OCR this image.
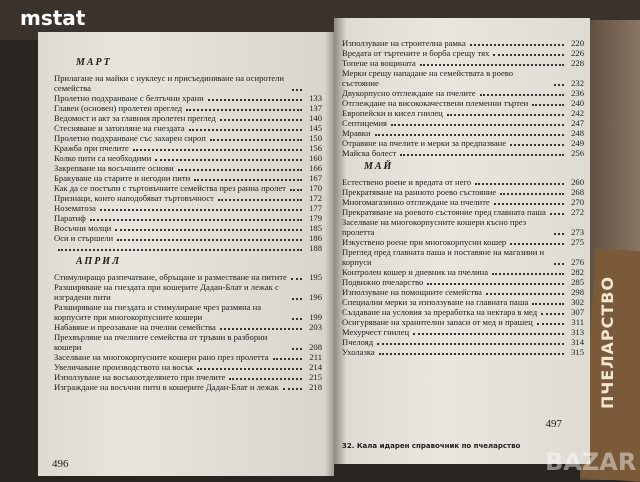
ПЧЕЛАРСТВО
МАРТ
Прилагане на майки с нуклеус и присъединяване на осиротели семейства
Пролетно подхранване с белтъчни храни	133
Главен (основен) пролетен преглед	137
Ведомост и акт за главния пролетен преглед	140
Стесняване и затопляне на гнездата	145
Пролетно подхранване със захарен сироп	150
Кражба при пчелите	156
Колко пити са необходими	160
Закрепване на восъчните основи	166
Бракуване на старите и негодни пити	167
Как да се постъпи с търтовъчните семейства през ранна пролет	170
Признаци, които наподобяват търтовъчност	172
Нозематоза	177
Паратиф	179
Восъчни молци	185
Оси и стършели	186
188
АПРИЛ
Стимулиращо разпечатване, обръщане и разместване на питите	195
Разширяване на гнездата при кошерите Дадан-Блат и лежак с изградени пити	196
Разширяване на гнездата и стимулиране чрез размяна на корпусите при многокорпусните кошери	199
Набавяне и преозаване на пчелни семейства	203
Прехвърляне на пчелните семейства от тръвни в разборни кошери	208
Заселване на многокорпусните кошери рано през пролетта	211
Увеличаване производството на восък	214
Използуване на восъкоотделянето при пчелите	215
Изграждане на восъчни пити в кошерите Дадан-Блат и лежак	218
496
Използуване на строителна рамка	220
Вредата от търтените и борба срещу тях	226
Топене на вощината	228
Мерки срещу нападане на семействата в роево състояние	232
Двукорпусно отглеждане на пчелите	236
Отглеждане на висококачествени племенни търтеи	240
Европейски и кисел гнилец	242
Септицемия	247
Мравки	248
Отравяне на пчелите и мерки за предпазване	249
Майска болест	256
МАЙ
Естествено роене и вредата от него	260
Прекратяване на ранното роево състояние	268
Многомагазинно отглеждане на пчелите	270
Прекратяване на роевото състояние пред главната паша	272
Заселване на многокорпусните кошери късно през пролетта	273
Изкуствено роене при многокорпусни кошер	275
Преглед пред главната паша и поставяне на магазини и корпуси	276
Контролен кошер и дневник на пчелина	282
Подвижно пчеларство	285
Използуване на помощните семейства	298
Специални мерки за използуване на главната паша	302
Създаване на условия за преработка на нектара в мед	307
Осигуряване на хранителни запаси от мед и прашец	311
Мехурчест гнилец	313
Пчелояд	314
Ухолазка	315
497
32. Кала идарен справочник по пчеларство
mstat
BAZAR
